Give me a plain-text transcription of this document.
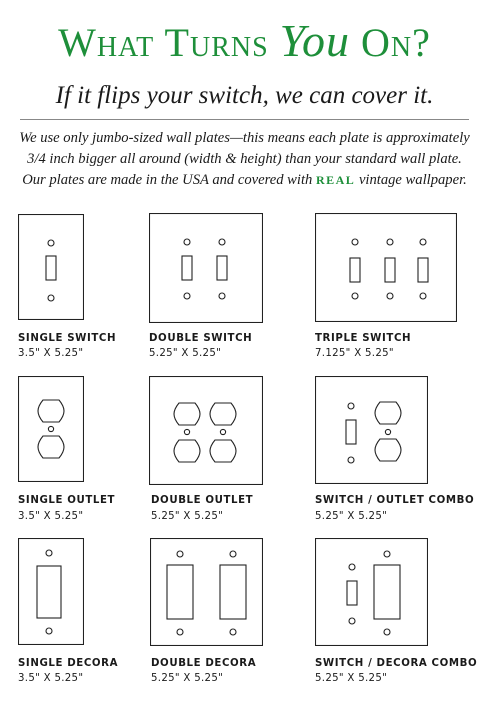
What Turns You On?
If it flips your switch, we can cover it.
We use only jumbo-sized wall plates—this means each plate is approximately
3/4 inch bigger all around (width & height) than your standard wall plate.
Our plates are made in the USA and covered with REAL vintage wallpaper.
SINGLE SWITCH
3.5" X 5.25"
DOUBLE SWITCH
5.25" X 5.25"
TRIPLE SWITCH
7.125" X 5.25"
SINGLE OUTLET
3.5" X 5.25"
DOUBLE OUTLET
5.25" X 5.25"
SWITCH / OUTLET COMBO
5.25" X 5.25"
SINGLE DECORA
3.5" X 5.25"
DOUBLE DECORA
5.25" X 5.25"
SWITCH / DECORA COMBO
5.25" X 5.25"
